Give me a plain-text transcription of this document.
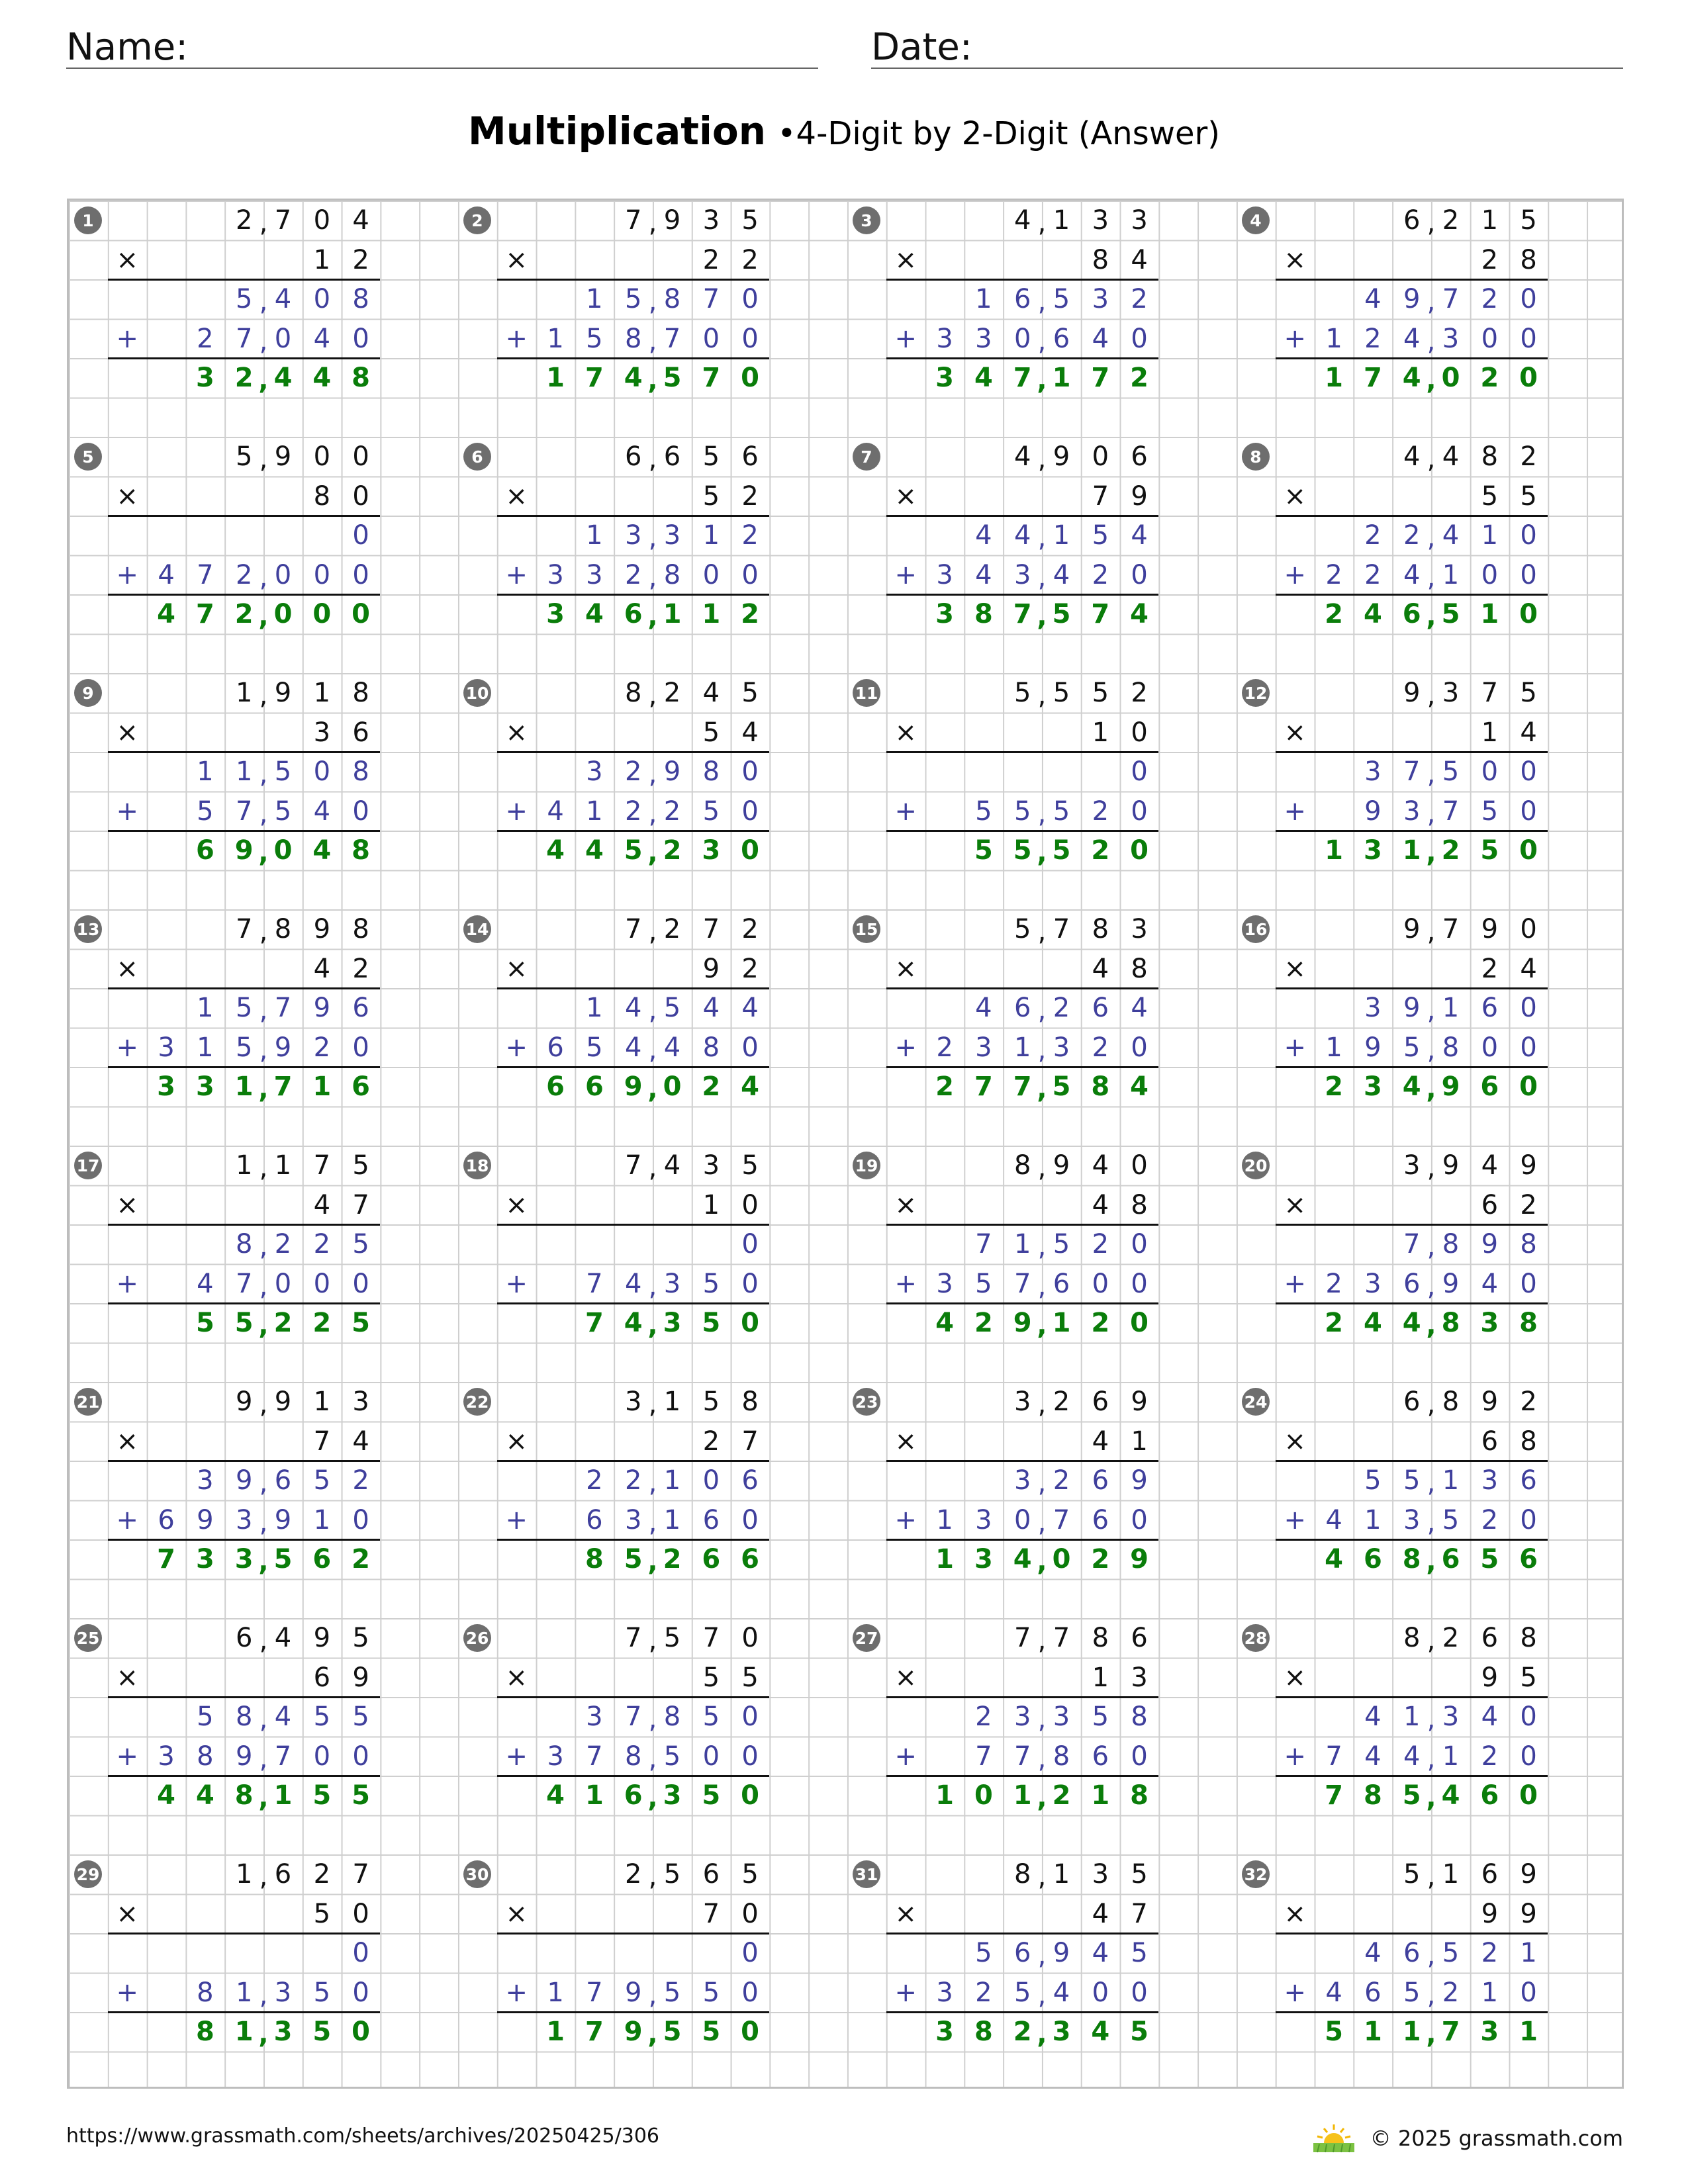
Name:	Date:
Multiplication •4-Digit by 2-Digit (Answer)
1	2 7 0 4
,
×	1 2
5 4 0 8
,
+	2 7 0 4 0
,
3 2 4 4 8
,
2	7 9 3 5
,
×	2 2
1 5 8 7 0
,
+ 1 5 8 7 0 0
,
1 7 4 5 7 0
,
3	4 1 3 3
,
×	8 4
1 6 5 3 2
,
+ 3 3 0 6 4 0
,
3 4 7 1 7 2
,
4	6 2 1 5
,
×	2 8
4 9 7 2 0
,
+ 1 2 4 3 0 0
,
1 7 4 0 2 0
,
5	5 9 0 0
,
×	8 0
0
+ 4 7 2 0 0 0
,
4 7 2 0 0 0
,
6	6 6 5 6
,
×	5 2
1 3 3 1 2
,
+ 3 3 2 8 0 0
,
3 4 6 1 1 2
,
7	4 9 0 6
,
×	7 9
4 4 1 5 4
,
+ 3 4 3 4 2 0
,
3 8 7 5 7 4
,
8	4 4 8 2
,
×	5 5
2 2 4 1 0
,
+ 2 2 4 1 0 0
,
2 4 6 5 1 0
,
9	1 9 1 8
,
×	3 6
1 1 5 0 8
,
+	5 7 5 4 0
,
6 9 0 4 8
,
10	8 2 4 5
,
×	5 4
3 2 9 8 0
,
+ 4 1 2 2 5 0
,
4 4 5 2 3 0
,
11	5 5 5 2
,
×	1 0
0
+	5 5 5 2 0
,
5 5 5 2 0
,
12	9 3 7 5
,
×	1 4
3 7 5 0 0
,
+	9 3 7 5 0
,
1 3 1 2 5 0
,
13	7 8 9 8
,
×	4 2
1 5 7 9 6
,
+ 3 1 5 9 2 0
,
3 3 1 7 1 6
,
14	7 2 7 2
,
×	9 2
1 4 5 4 4
,
+ 6 5 4 4 8 0
,
6 6 9 0 2 4
,
15	5 7 8 3
,
×	4 8
4 6 2 6 4
,
+ 2 3 1 3 2 0
,
2 7 7 5 8 4
,
16	9 7 9 0
,
×	2 4
3 9 1 6 0
,
+ 1 9 5 8 0 0
,
2 3 4 9 6 0
,
17	1 1 7 5
,
×	4 7
8 2 2 5
,
+	4 7 0 0 0
,
5 5 2 2 5
,
18	7 4 3 5
,
×	1 0
0
+	7 4 3 5 0
,
7 4 3 5 0
,
19	8 9 4 0
,
×	4 8
7 1 5 2 0
,
+ 3 5 7 6 0 0
,
4 2 9 1 2 0
,
20	3 9 4 9
,
×	6 2
7 8 9 8
,
+ 2 3 6 9 4 0
,
2 4 4 8 3 8
,
21	9 9 1 3
,
×	7 4
3 9 6 5 2
,
+ 6 9 3 9 1 0
,
7 3 3 5 6 2
,
22	3 1 5 8
,
×	2 7
2 2 1 0 6
,
+	6 3 1 6 0
,
8 5 2 6 6
,
23	3 2 6 9
,
×	4 1
3 2 6 9
,
+ 1 3 0 7 6 0
,
1 3 4 0 2 9
,
24	6 8 9 2
,
×	6 8
5 5 1 3 6
,
+ 4 1 3 5 2 0
,
4 6 8 6 5 6
,
25	6 4 9 5
,
×	6 9
5 8 4 5 5
,
+ 3 8 9 7 0 0
,
4 4 8 1 5 5
,
26	7 5 7 0
,
×	5 5
3 7 8 5 0
,
+ 3 7 8 5 0 0
,
4 1 6 3 5 0
,
27	7 7 8 6
,
×	1 3
2 3 3 5 8
,
+	7 7 8 6 0
,
1 0 1 2 1 8
,
28	8 2 6 8
,
×	9 5
4 1 3 4 0
,
+ 7 4 4 1 2 0
,
7 8 5 4 6 0
,
29	1 6 2 7
,
×	5 0
0
+	8 1 3 5 0
,
8 1 3 5 0
,
30	2 5 6 5
,
×	7 0
0
+ 1 7 9 5 5 0
,
1 7 9 5 5 0
,
31	8 1 3 5
,
×	4 7
5 6 9 4 5
,
+ 3 2 5 4 0 0
,
3 8 2 3 4 5
,
32	5 1 6 9
,
×	9 9
4 6 5 2 1
,
+ 4 6 5 2 1 0
,
5 1 1 7 3 1
,
https://www.grassmath.com/sheets/archives/20250425/306	© 2025 grassmath.com
